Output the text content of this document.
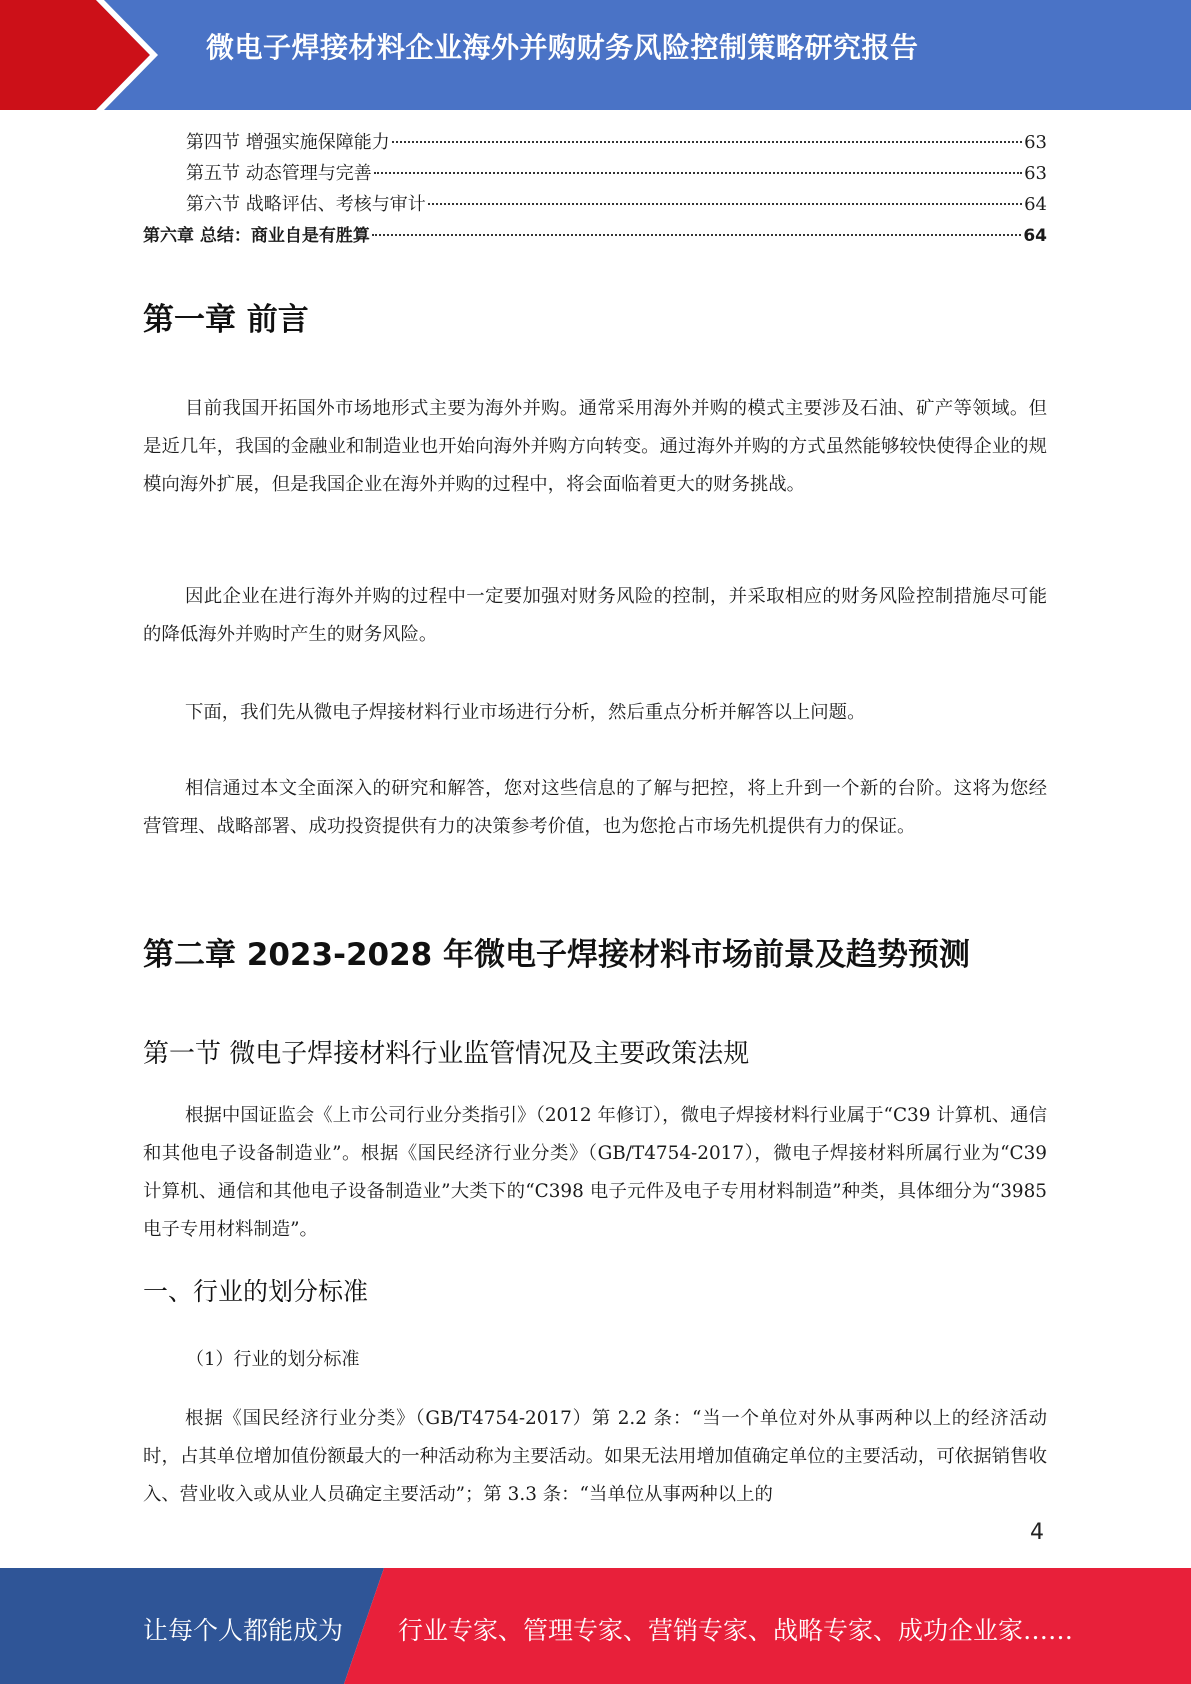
微电子焊接材料企业海外并购财务风险控制策略研究报告
第四节 增强实施保障能力	63
第五节 动态管理与完善	63
第六节 战略评估、考核与审计	64
第六章 总结：商业自是有胜算	64
第一章 前言

目前我国开拓国外市场地形式主要为海外并购。通常采用海外并购的模式主要涉及石油、矿产等领域。但是近几年，我国的金融业和制造业也开始向海外并购方向转变。通过海外并购的方式虽然能够较快使得企业的规模向海外扩展，但是我国企业在海外并购的过程中，将会面临着更大的财务挑战。

因此企业在进行海外并购的过程中一定要加强对财务风险的控制，并采取相应的财务风险控制措施尽可能的降低海外并购时产生的财务风险。

下面，我们先从微电子焊接材料行业市场进行分析，然后重点分析并解答以上问题。

相信通过本文全面深入的研究和解答，您对这些信息的了解与把控，将上升到一个新的台阶。这将为您经营管理、战略部署、成功投资提供有力的决策参考价值，也为您抢占市场先机提供有力的保证。

第二章 2023-2028 年微电子焊接材料市场前景及趋势预测
第一节 微电子焊接材料行业监管情况及主要政策法规

根据中国证监会《上市公司行业分类指引》（2012 年修订），微电子焊接材料行业属于“C39 计算机、通信和其他电子设备制造业”。根据《国民经济行业分类》（GB/T4754-2017），微电子焊接材料所属行业为“C39 计算机、通信和其他电子设备制造业”大类下的“C398 电子元件及电子专用材料制造”种类，具体细分为“3985 电子专用材料制造”。

一、行业的划分标准
（1）行业的划分标准

根据《国民经济行业分类》（GB/T4754-2017）第 2.2 条：“当一个单位对外从事两种以上的经济活动时，占其单位增加值份额最大的一种活动称为主要活动。如果无法用增加值确定单位的主要活动，可依据销售收入、营业收入或从业人员确定主要活动”；第 3.3 条：“当单位从事两种以上的

4
让每个人都能成为 行业专家、管理专家、营销专家、战略专家、成功企业家……
